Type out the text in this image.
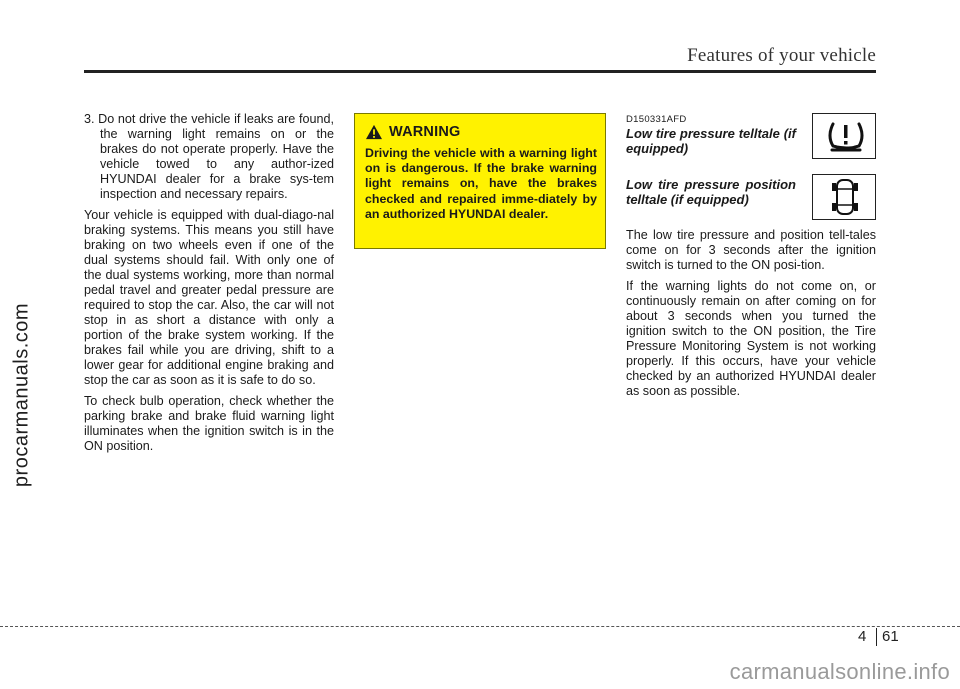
Features of your vehicle
procarmanuals.com

3. Do not drive the vehicle if leaks are found, the warning light remains on or the brakes do not operate properly. Have the vehicle towed to any author-ized HYUNDAI dealer for a brake sys-tem inspection and necessary repairs.

Your vehicle is equipped with dual-diago-nal braking systems. This means you still have braking on two wheels even if one of the dual systems should fail. With only one of the dual systems working, more than normal pedal travel and greater pedal pressure are required to stop the car. Also, the car will not stop in as short a distance with only a portion of the brake system working. If the brakes fail while you are driving, shift to a lower gear for additional engine braking and stop the car as soon as it is safe to do so.

To check bulb operation, check whether the parking brake and brake fluid warning light illuminates when the ignition switch is in the ON position.

WARNING
Driving the vehicle with a warning light on is dangerous. If the brake warning light remains on, have the brakes checked and repaired imme-diately by an authorized HYUNDAI dealer.
D150331AFD
Low tire pressure telltale (if equipped)
Low tire pressure position telltale (if equipped)

The low tire pressure and position tell-tales come on for 3 seconds after the ignition switch is turned to the ON posi-tion.

If the warning lights do not come on, or continuously remain on after coming on for about 3 seconds when you turned the ignition switch to the ON position, the Tire Pressure Monitoring System is not working properly. If this occurs, have your vehicle checked by an authorized HYUNDAI dealer as soon as possible.

4 61
carmanualsonline.info
